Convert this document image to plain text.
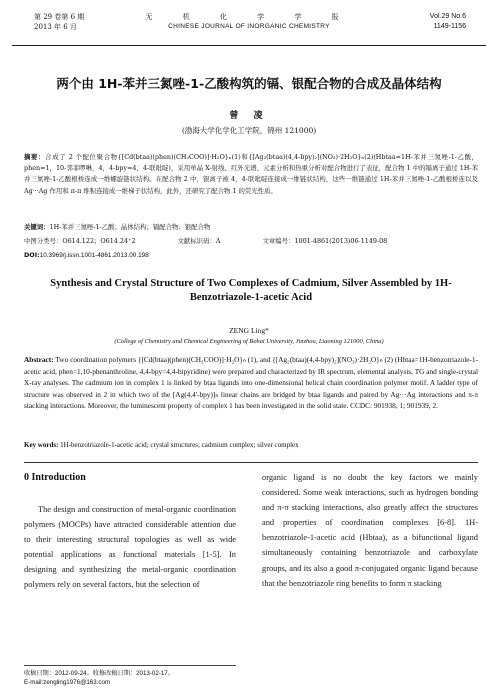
第 29 卷第 6 期
2013 年 6 月
无 机 化 学 学 报
CHINESE JOURNAL OF INORGANIC CHEMISTRY
Vol.29 No.6
1149-1156
两个由 1H-苯并三氮唑-1-乙酸构筑的镉、银配合物的合成及晶体结构
曾 凌
(渤海大学化学化工学院，锦州 121000)
摘要：合成了 2 个配位聚合物{[Cd(btaa)(phen)(CH₃COO)]·H₂O}ₙ(1)和{[Ag₂(btaa)(4,4-bpy)₂](NO₃)·2H₂O}ₙ(2)(Hbtaa=1H-苯并三氮唑-1-乙酸，phen=1，10-邻菲啰啉，4，4-bpy=4，4-联吡啶)，采用单晶 X-射线、红外光谱、元素分析和热重分析对配合物进行了表征，配合物 1 中的镉离子通过 1H-苯并三氮唑-1-乙酸根桥连成一维螺旋链状结构。在配合物 2 中，银离子被 4，4-联吡啶连接成一维链状结构，这些一维链通过 1H-苯并三氮唑-1-乙酸根桥连以及 Ag···Ag 作用和 π-π 堆积连接成一维梯子状结构，此外，还研究了配合物 1 的荧光性质。
关键词：1H-苯并三氮唑-1-乙酸；晶体结构；镉配合物；银配合物
中图分类号：O614.122；O614.24⁺2	文献标识码：A	文章编号：1001-4861(2013)06-1149-08
DOI:10.3969/j.issn.1001-4861.2013.00.198
Synthesis and Crystal Structure of Two Complexes of Cadmium, Silver Assembled by 1H-Benzotriazole-1-acetic Acid
ZENG Ling*
(College of Chemistry and Chemical Engineering of Bohai University, Jinzhou, Liaoning 121000, China)
Abstract: Two coordination polymers {[Cd(btaa)(phen)(CH₃COO)]·H₂O}ₙ (1), and {[Ag₂(btaa)(4,4-bpy)₂](NO₃)·2H₂O}ₙ (2) (Hbtaa=1H-benzotriazole-1-acetic acid, phen=1,10-phenanthroline, 4,4-bpy=4,4-bipyridine) were prepared and characterized by IR spectrum, elemental analysis, TG and single-crystal X-ray analyses. The cadmium ion in complex 1 is linked by btaa ligands into one-dimensional helical chain coordination polymer motif. A ladder type of structure was observed in 2 in which two of the [Ag(4,4'-bpy)]ₙ linear chains are bridged by btaa ligands and paired by Ag···Ag interactions and π-π stacking interactions. Moreover, the luminescent property of complex 1 has been investigated in the solid state. CCDC: 901938, 1; 901939, 2.
Key words: 1H-benzotriazole-1-acetic acid; crystal structures; cadmium complex; silver complex
0 Introduction

The design and construction of metal-organic coordination polymers (MOCPs) have attracted considerable attention due to their interesting structural topologies as well as wide potential applications as functional materials [1-5]. In designing and synthesizing the metal-organic coordination polymers rely on several factors, but the selection of

organic ligand is no doubt the key factors we mainly considered. Some weak interactions, such as hydrogen bonding and π-π stacking interactions, also greatly affect the structures and properties of coordination complexes [6-8]. 1H-benzotriazole-1-acetic acid (Hbtaa), as a bifunctional ligand simultaneously containing benzotriazole and carboxylate groups, and its also a good π-conjugated organic ligand because that the benzotriazole ring benefits to form π stacking

收稿日期：2012-09-24。收修改稿日期：2013-02-17。
E-mail:zengling1976@163.com
